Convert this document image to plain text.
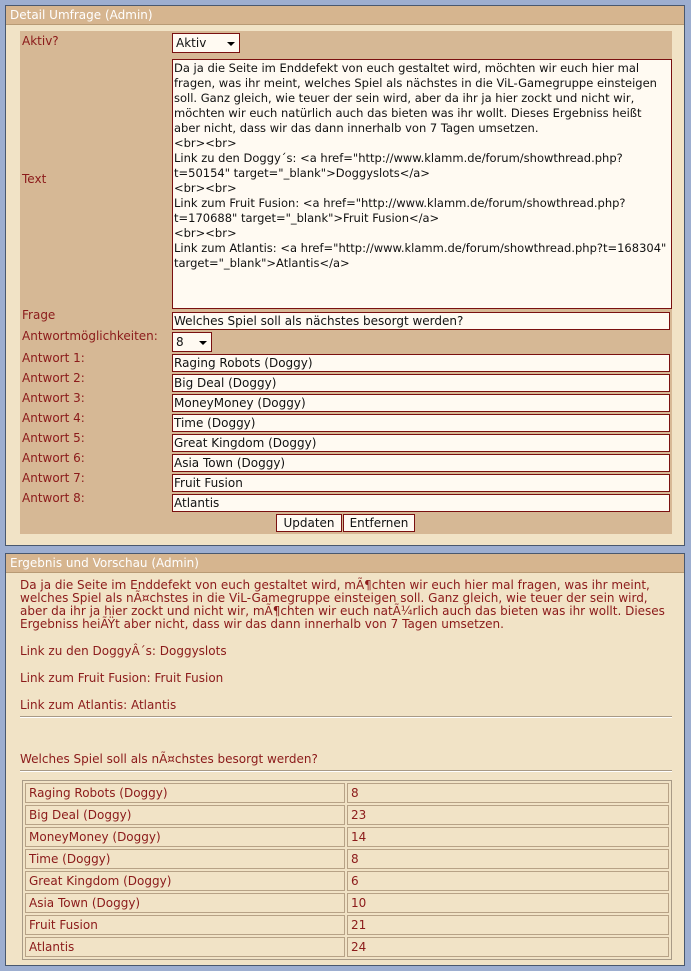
Detail Umfrage (Admin)
Aktiv?	Aktiv
Text
Da ja die Seite im Enddefekt von euch gestaltet wird, möchten wir euch hier mal fragen, was ihr meint, welches Spiel als nächstes in die ViL-Gamegruppe einsteigen soll. Ganz gleich, wie teuer der sein wird, aber da ihr ja hier zockt und nicht wir, möchten wir euch natürlich auch das bieten was ihr wollt. Dieses Ergebniss heißt aber nicht, dass wir das dann innerhalb von 7 Tagen umsetzen.
<br><br>
Link zu den Doggy´s: <a href="http://www.klamm.de/forum/showthread.php?t=50154" target="_blank">Doggyslots</a>
<br><br>
Link zum Fruit Fusion: <a href="http://www.klamm.de/forum/showthread.php?t=170688" target="_blank">Fruit Fusion</a>
<br><br>
Link zum Atlantis: <a href="http://www.klamm.de/forum/showthread.php?t=168304" target="_blank">Atlantis</a>
Frage	Welches Spiel soll als nächstes besorgt werden?
Antwortmöglichkeiten:	8
Antwort 1:	Raging Robots (Doggy)
Antwort 2:	Big Deal (Doggy)
Antwort 3:	MoneyMoney (Doggy)
Antwort 4:	Time (Doggy)
Antwort 5:	Great Kingdom (Doggy)
Antwort 6:	Asia Town (Doggy)
Antwort 7:	Fruit Fusion
Antwort 8:	Atlantis
Updaten	Entfernen
Ergebnis und Vorschau (Admin)

Da ja die Seite im Enddefekt von euch gestaltet wird, mÃ¶chten wir euch hier mal fragen, was ihr meint, welches Spiel als nÃ¤chstes in die ViL-Gamegruppe einsteigen soll. Ganz gleich, wie teuer der sein wird, aber da ihr ja hier zockt und nicht wir, mÃ¶chten wir euch natÃ¼rlich auch das bieten was ihr wollt. Dieses Ergebniss heiÃŸt aber nicht, dass wir das dann innerhalb von 7 Tagen umsetzen.

Link zu den DoggyÂ´s: Doggyslots

Link zum Fruit Fusion: Fruit Fusion

Link zum Atlantis: Atlantis

Welches Spiel soll als nÃ¤chstes besorgt werden?
Raging Robots (Doggy)	8
Big Deal (Doggy)	23
MoneyMoney (Doggy)	14
Time (Doggy)	8
Great Kingdom (Doggy)	6
Asia Town (Doggy)	10
Fruit Fusion	21
Atlantis	24
